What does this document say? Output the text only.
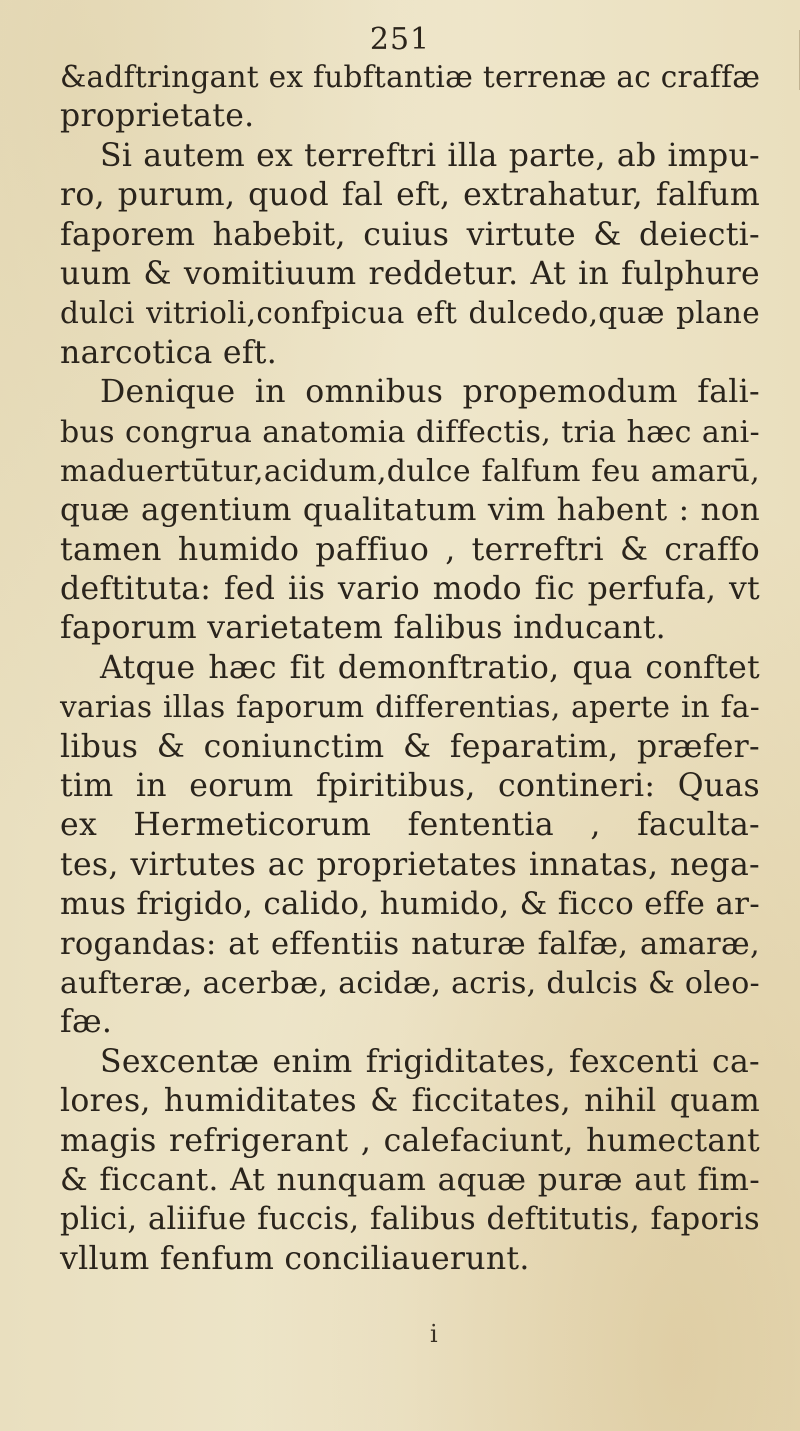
251
&adftringant ex fubftantiæ terrenæ ac craffæ
proprietate.
Si autem ex terreftri illa parte, ab impu-
ro, purum, quod fal eft, extrahatur, falfum
faporem habebit, cuius virtute & deiecti-
uum & vomitiuum reddetur. At in fulphure
dulci vitrioli,confpicua eft dulcedo,quæ plane
narcotica eft.
Denique in omnibus propemodum fali-
bus congrua anatomia diffectis, tria hæc ani-
maduertūtur,acidum,dulce falfum feu amarū,
quæ agentium qualitatum vim habent : non
tamen humido paffiuo , terreftri & craffo
deftituta: fed iis vario modo fic perfufa, vt
faporum varietatem falibus inducant.
Atque hæc fit demonftratio, qua conftet
varias illas faporum differentias, aperte in fa-
libus & coniunctim & feparatim, præfer-
tim in eorum fpiritibus, contineri: Quas
ex Hermeticorum fententia , faculta-
tes, virtutes ac proprietates innatas, nega-
mus frigido, calido, humido, & ficco effe ar-
rogandas: at effentiis naturæ falfæ, amaræ,
aufteræ, acerbæ, acidæ, acris, dulcis & oleo-
fæ.
Sexcentæ enim frigiditates, fexcenti ca-
lores, humiditates & ficcitates, nihil quam
magis refrigerant , calefaciunt, humectant
& ficcant. At nunquam aquæ puræ aut fim-
plici, aliifue fuccis, falibus deftitutis, faporis
vllum fenfum conciliauerunt.
i
